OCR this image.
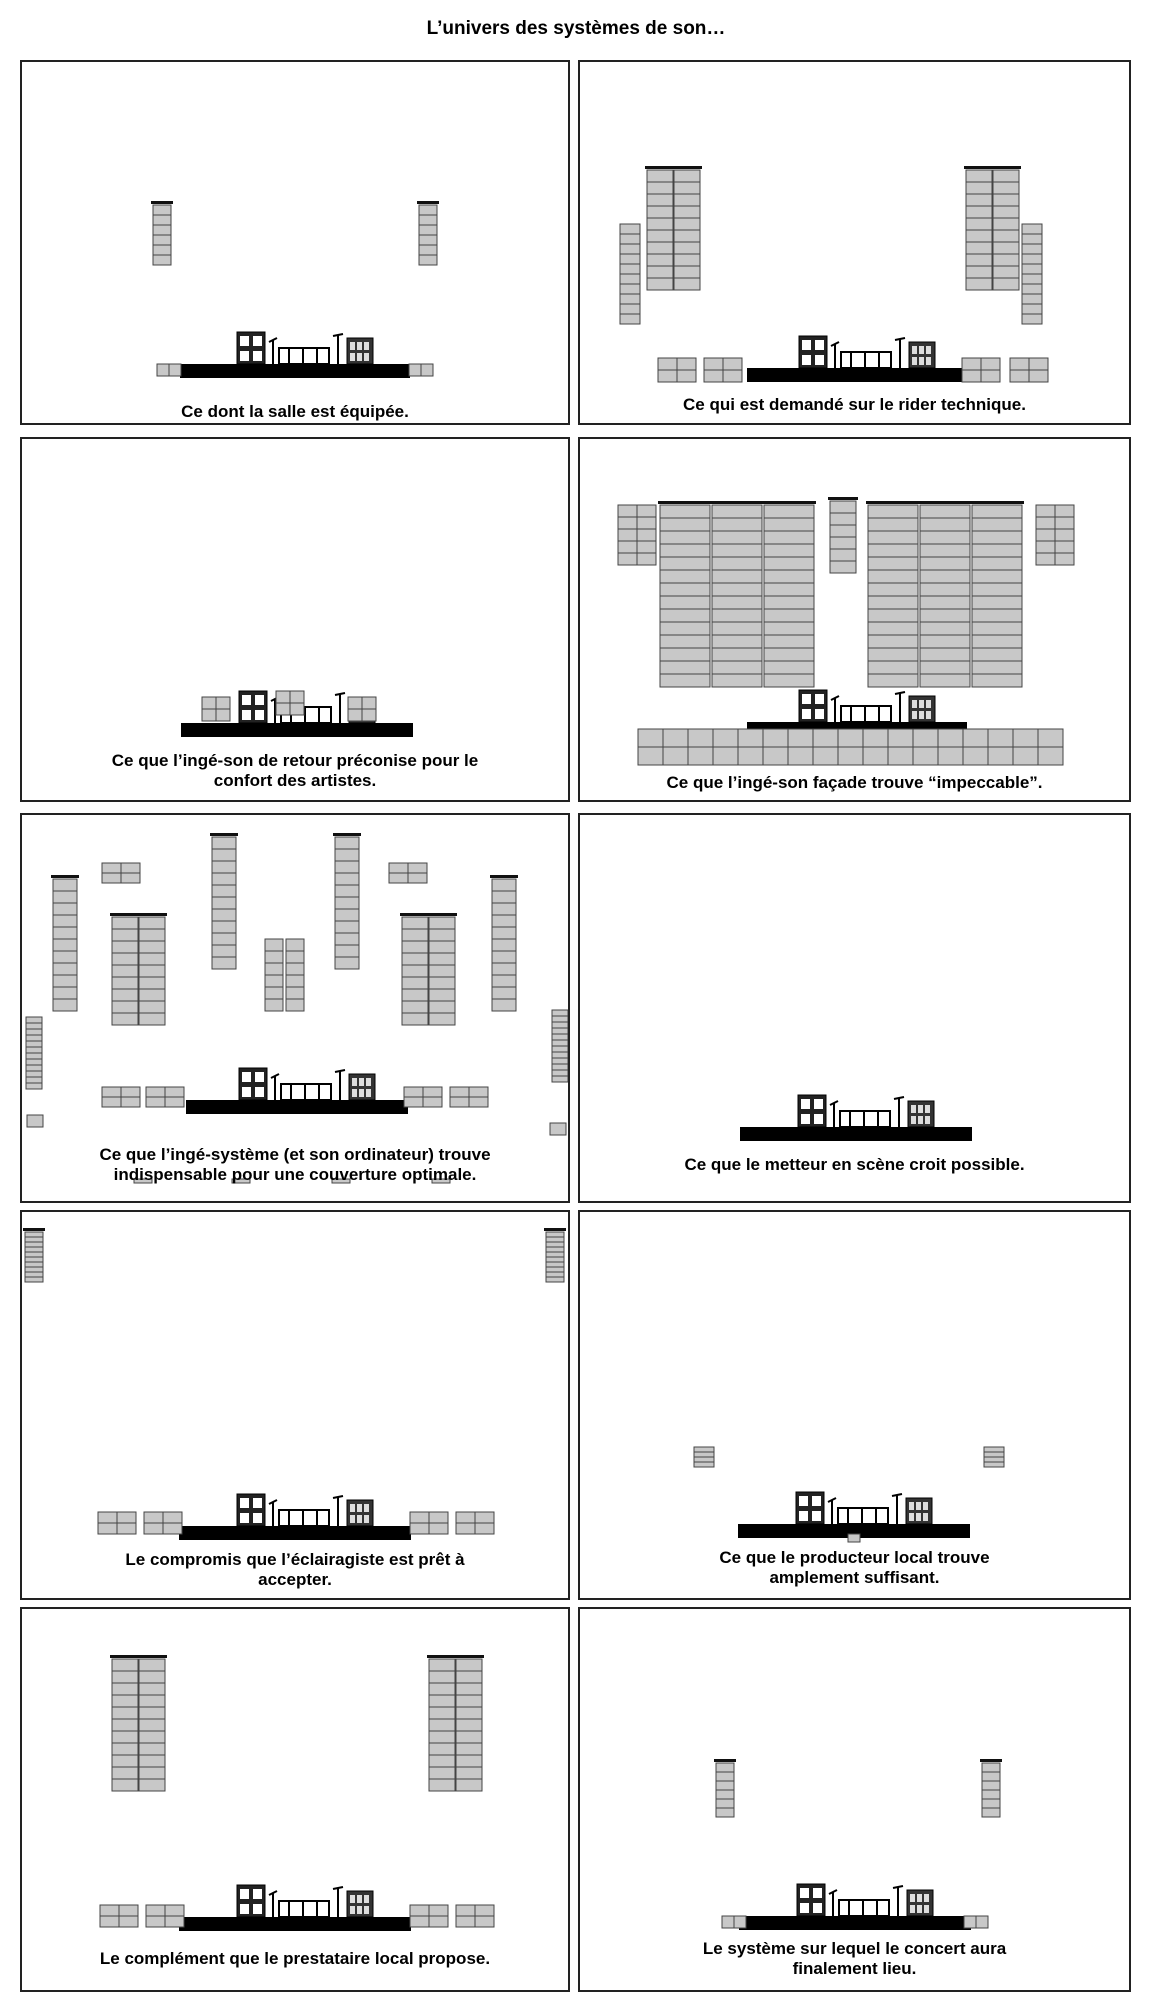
L’univers des systèmes de son…
Ce dont la salle est équipée.	Ce qui est demandé sur le rider technique.
Ce que l’ingé-son de retour préconise pour le confort des artistes.	Ce que l’ingé-son façade trouve “impeccable”.
Ce que l’ingé-système (et son ordinateur) trouve indispensable pour une couverture optimale.
Ce que le metteur en scène croit possible.
Le compromis que l’éclairagiste est prêt à accepter.
Ce que le producteur local trouve amplement suffisant.
Le complément que le prestataire local propose.
Le système sur lequel le concert aura finalement lieu.
